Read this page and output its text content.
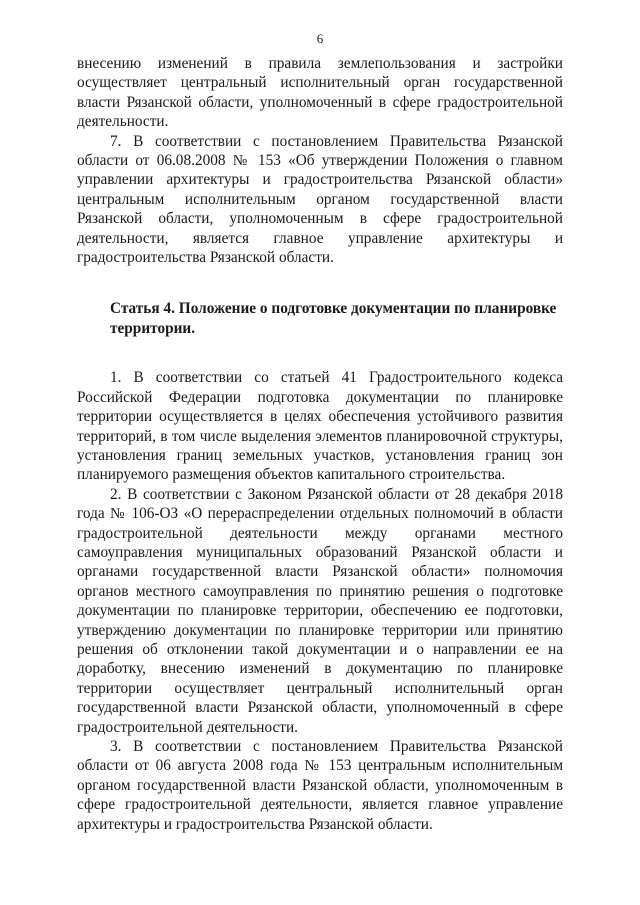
6

внесению изменений в правила землепользования и застройки осуществляет центральный исполнительный орган государственной власти Рязанской области, уполномоченный в сфере градостроительной деятельности.

7. В соответствии с постановлением Правительства Рязанской области от 06.08.2008 № 153 «Об утверждении Положения о главном управлении архитектуры и градостроительства Рязанской области» центральным исполнительным органом государственной власти Рязанской области, уполномоченным в сфере градостроительной деятельности, является главное управление архитектуры и градостроительства Рязанской области.

Статья 4. Положение о подготовке документации по планировке территории.

1. В соответствии со статьей 41 Градостроительного кодекса Российской Федерации подготовка документации по планировке территории осуществляется в целях обеспечения устойчивого развития территорий, в том числе выделения элементов планировочной структуры, установления границ земельных участков, установления границ зон планируемого размещения объектов капитального строительства.

2. В соответствии с Законом Рязанской области от 28 декабря 2018 года № 106-ОЗ «О перераспределении отдельных полномочий в области градостроительной деятельности между органами местного самоуправления муниципальных образований Рязанской области и органами государственной власти Рязанской области» полномочия органов местного самоуправления по принятию решения о подготовке документации по планировке территории, обеспечению ее подготовки, утверждению документации по планировке территории или принятию решения об отклонении такой документации и о направлении ее на доработку, внесению изменений в документацию по планировке территории осуществляет центральный исполнительный орган государственной власти Рязанской области, уполномоченный в сфере градостроительной деятельности.

3. В соответствии с постановлением Правительства Рязанской области от 06 августа 2008 года № 153 центральным исполнительным органом государственной власти Рязанской области, уполномоченным в сфере градостроительной деятельности, является главное управление архитектуры и градостроительства Рязанской области.
